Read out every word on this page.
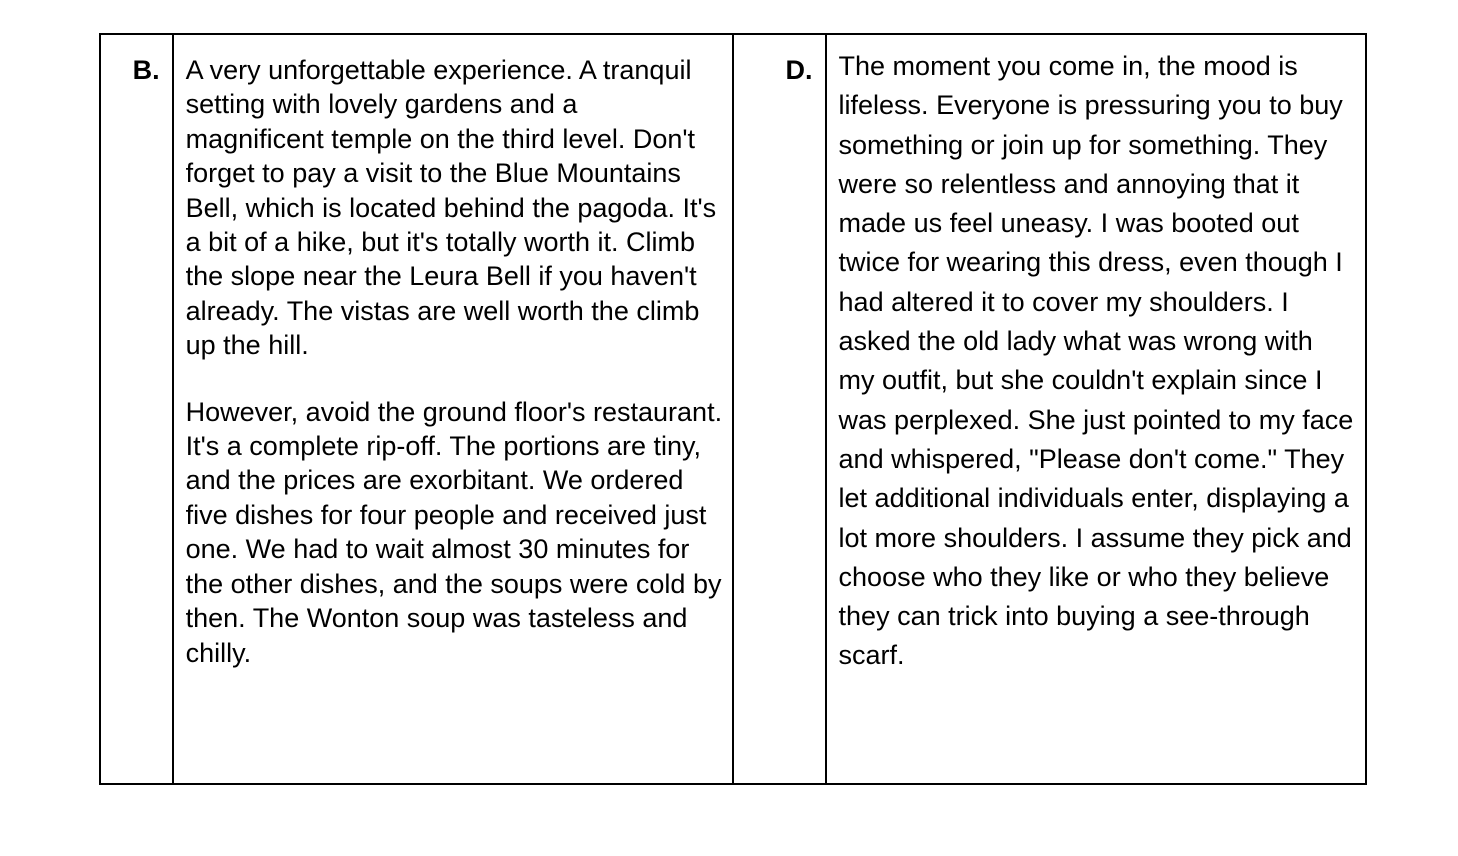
B.	A very unforgettable experience. A tranquil setting with lovely gardens and a magnificent temple on the third level. Don't forget to pay a visit to the Blue Mountains Bell, which is located behind the pagoda. It's a bit of a hike, but it's totally worth it. Climb the slope near the Leura Bell if you haven't already. The vistas are well worth the climb up the hill.

However, avoid the ground floor's restaurant. It's a complete rip-off. The portions are tiny, and the prices are exorbitant. We ordered five dishes for four people and received just one. We had to wait almost 30 minutes for the other dishes, and the soups were cold by then. The Wonton soup was tasteless and chilly.

D.	The moment you come in, the mood is lifeless. Everyone is pressuring you to buy something or join up for something. They were so relentless and annoying that it made us feel uneasy. I was booted out twice for wearing this dress, even though I had altered it to cover my shoulders. I asked the old lady what was wrong with my outfit, but she couldn't explain since I was perplexed. She just pointed to my face and whispered, "Please don't come." They let additional individuals enter, displaying a lot more shoulders. I assume they pick and choose who they like or who they believe they can trick into buying a see-through scarf.
